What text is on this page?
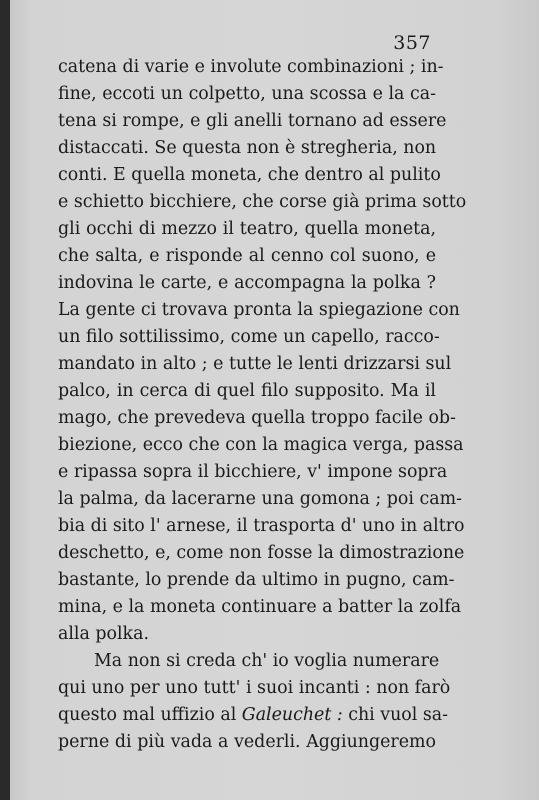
357
catena di varie e involute combinazioni ; in-
fine, eccoti un colpetto, una scossa e la ca-
tena si rompe, e gli anelli tornano ad essere
distaccati. Se questa non è stregheria, non
conti. E quella moneta, che dentro al pulito
e schietto bicchiere, che corse già prima sotto
gli occhi di mezzo il teatro, quella moneta,
che salta, e risponde al cenno col suono, e
indovina le carte, e accompagna la polka ?
La gente ci trovava pronta la spiegazione con
un filo sottilissimo, come un capello, racco-
mandato in alto ; e tutte le lenti drizzarsi sul
palco, in cerca di quel filo supposito. Ma il
mago, che prevedeva quella troppo facile ob-
biezione, ecco che con la magica verga, passa
e ripassa sopra il bicchiere, v' impone sopra
la palma, da lacerarne una gomona ; poi cam-
bia di sito l' arnese, il trasporta d' uno in altro
deschetto, e, come non fosse la dimostrazione
bastante, lo prende da ultimo in pugno, cam-
mina, e la moneta continuare a batter la zolfa
alla polka.
Ma non si creda ch' io voglia numerare
qui uno per uno tutt' i suoi incanti : non farò
questo mal uffizio al Galeuchet : chi vuol sa-
perne di più vada a vederli. Aggiungeremo
